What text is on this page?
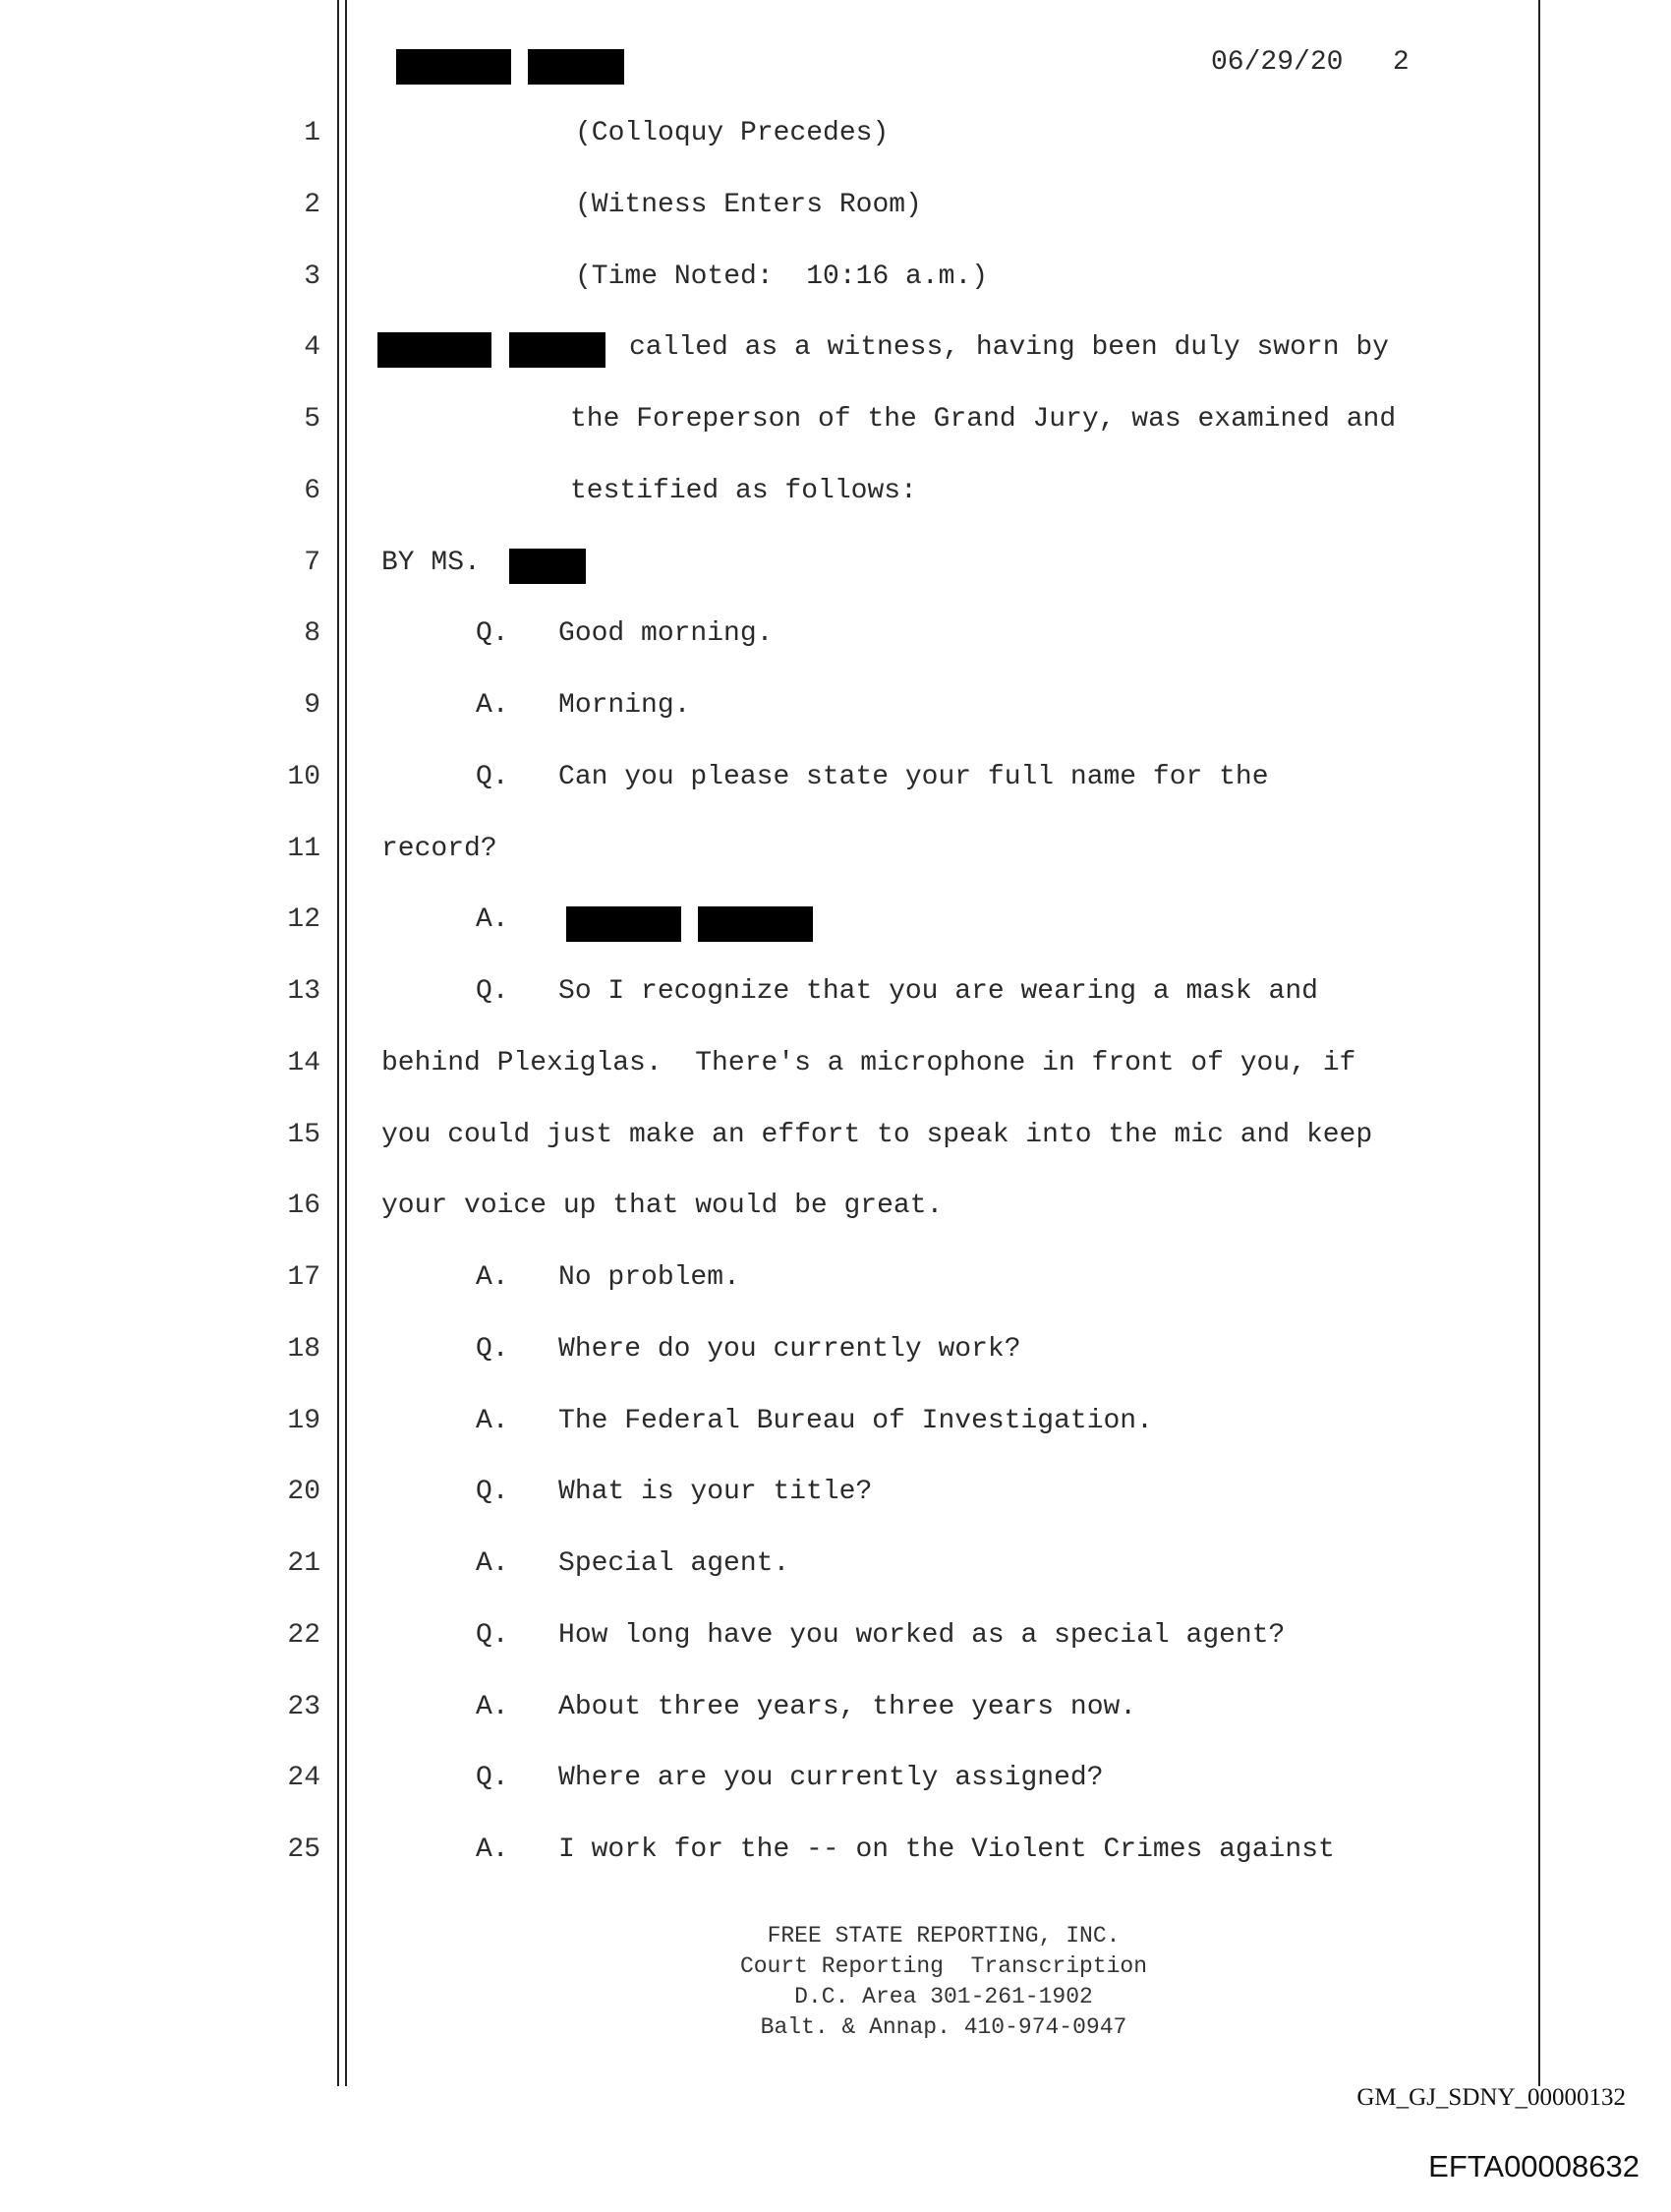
06/29/20 2
1	(Colloquy Precedes)
2	(Witness Enters Room)
3	(Time Noted:  10:16 a.m.)
4	called as a witness, having been duly sworn by
5	the Foreperson of the Grand Jury, was examined and
6	testified as follows:
7 BY MS.
8	Q.   Good morning.
9	A.   Morning.
10	Q.   Can you please state your full name for the
11 record?
12	A.
13	Q.   So I recognize that you are wearing a mask and
14 behind Plexiglas.  There's a microphone in front of you, if
15 you could just make an effort to speak into the mic and keep
16 your voice up that would be great.
17	A.   No problem.
18	Q.   Where do you currently work?
19	A.   The Federal Bureau of Investigation.
20	Q.   What is your title?
21	A.   Special agent.
22	Q.   How long have you worked as a special agent?
23	A.   About three years, three years now.
24	Q.   Where are you currently assigned?
25	A.   I work for the -- on the Violent Crimes against
FREE STATE REPORTING, INC.
Court Reporting  Transcription
D.C. Area 301-261-1902
Balt. & Annap. 410-974-0947
GM_GJ_SDNY_00000132
EFTA00008632
